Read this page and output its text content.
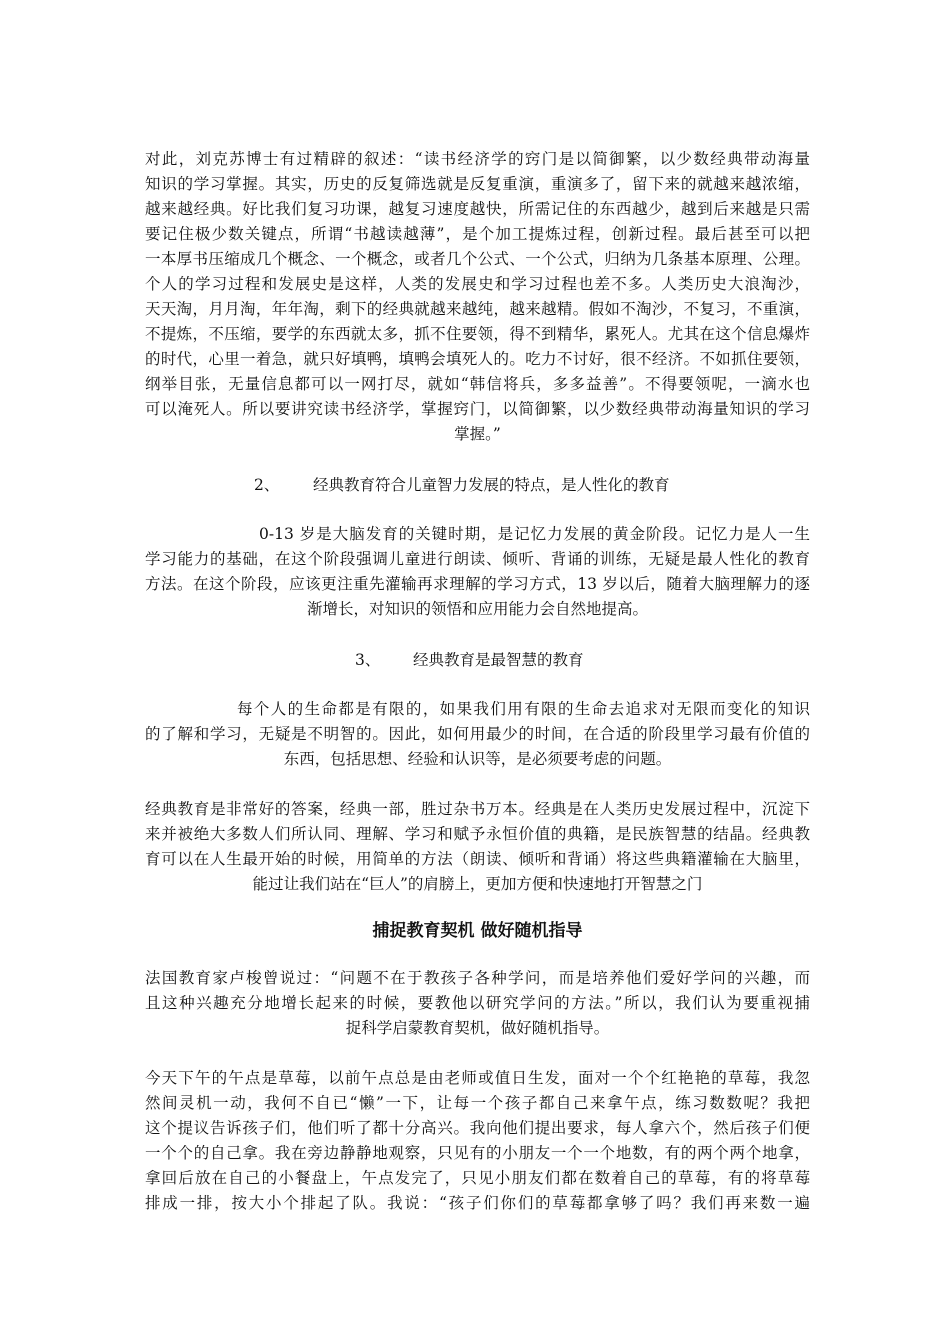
对此，刘克苏博士有过精辟的叙述：“读书经济学的窍门是以简御繁，以少数经典带动海量
知识的学习掌握。其实，历史的反复筛选就是反复重演，重演多了，留下来的就越来越浓缩，
越来越经典。好比我们复习功课，越复习速度越快，所需记住的东西越少，越到后来越是只需
要记住极少数关键点，所谓“书越读越薄”，是个加工提炼过程，创新过程。最后甚至可以把
一本厚书压缩成几个概念、一个概念，或者几个公式、一个公式，归纳为几条基本原理、公理。
个人的学习过程和发展史是这样，人类的发展史和学习过程也差不多。人类历史大浪淘沙，
天天淘，月月淘，年年淘，剩下的经典就越来越纯，越来越精。假如不淘沙，不复习，不重演，
不提炼，不压缩，要学的东西就太多，抓不住要领，得不到精华，累死人。尤其在这个信息爆炸
的时代，心里一着急，就只好填鸭，填鸭会填死人的。吃力不讨好，很不经济。不如抓住要领，
纲举目张，无量信息都可以一网打尽，就如“韩信将兵，多多益善”。不得要领呢，一滴水也
可以淹死人。所以要讲究读书经济学，掌握窍门，以简御繁，以少数经典带动海量知识的学习
掌握。”
2、 经典教育符合儿童智力发展的特点，是人性化的教育
0-13 岁是大脑发育的关键时期，是记忆力发展的黄金阶段。记忆力是人一生
学习能力的基础，在这个阶段强调儿童进行朗读、倾听、背诵的训练，无疑是最人性化的教育
方法。在这个阶段，应该更注重先灌输再求理解的学习方式，13 岁以后，随着大脑理解力的逐
渐增长，对知识的领悟和应用能力会自然地提高。
3、 经典教育是最智慧的教育
每个人的生命都是有限的，如果我们用有限的生命去追求对无限而变化的知识
的了解和学习，无疑是不明智的。因此，如何用最少的时间，在合适的阶段里学习最有价值的
东西，包括思想、经验和认识等，是必须要考虑的问题。
经典教育是非常好的答案，经典一部，胜过杂书万本。经典是在人类历史发展过程中，沉淀下
来并被绝大多数人们所认同、理解、学习和赋予永恒价值的典籍，是民族智慧的结晶。经典教
育可以在人生最开始的时候，用简单的方法（朗读、倾听和背诵）将这些典籍灌输在大脑里，
能过让我们站在“巨人”的肩膀上，更加方便和快速地打开智慧之门
捕捉教育契机 做好随机指导
法国教育家卢梭曾说过：“问题不在于教孩子各种学问，而是培养他们爱好学问的兴趣，而
且这种兴趣充分地增长起来的时候，要教他以研究学问的方法。”所以，我们认为要重视捕
捉科学启蒙教育契机，做好随机指导。
今天下午的午点是草莓，以前午点总是由老师或值日生发，面对一个个红艳艳的草莓，我忽
然间灵机一动，我何不自已“懒”一下，让每一个孩子都自己来拿午点，练习数数呢？我把
这个提议告诉孩子们，他们听了都十分高兴。我向他们提出要求，每人拿六个，然后孩子们便
一个个的自己拿。我在旁边静静地观察，只见有的小朋友一个一个地数，有的两个两个地拿，
拿回后放在自己的小餐盘上，午点发完了，只见小朋友们都在数着自己的草莓，有的将草莓
排成一排，按大小个排起了队。我说：“孩子们你们的草莓都拿够了吗？我们再来数一遍
